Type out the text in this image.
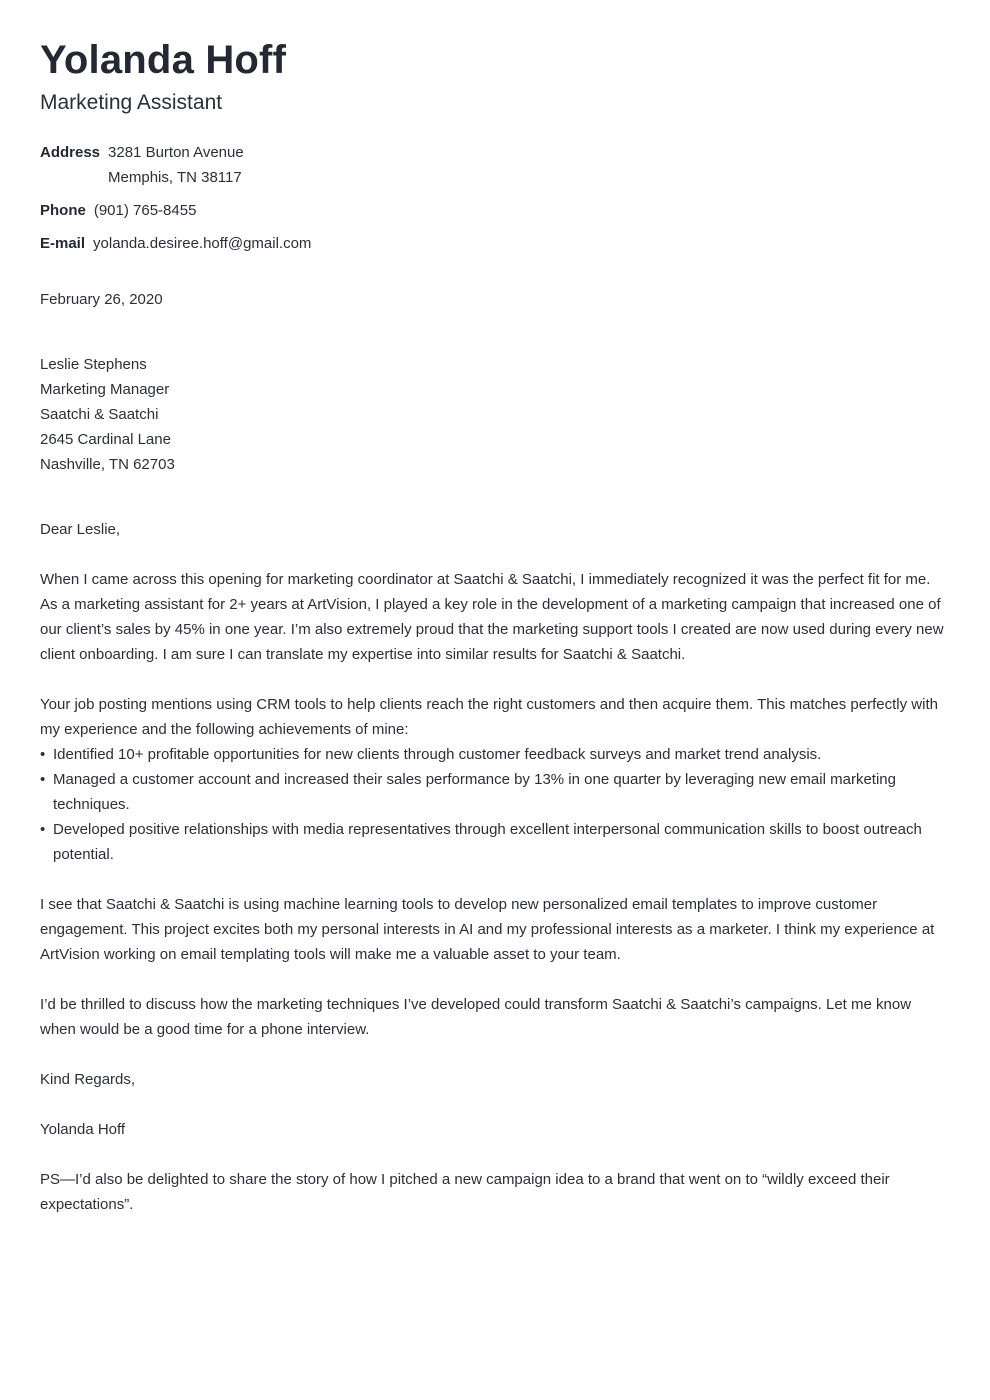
Yolanda Hoff
Marketing Assistant
Address 3281 Burton Avenue
Memphis, TN 38117
Phone (901) 765-8455
E-mail yolanda.desiree.hoff@gmail.com
February 26, 2020
Leslie Stephens
Marketing Manager
Saatchi & Saatchi
2645 Cardinal Lane
Nashville, TN 62703
Dear Leslie,

When I came across this opening for marketing coordinator at Saatchi & Saatchi, I immediately recognized it was the perfect fit for me. As a marketing assistant for 2+ years at ArtVision, I played a key role in the development of a marketing campaign that increased one of our client’s sales by 45% in one year. I’m also extremely proud that the marketing support tools I created are now used during every new client onboarding. I am sure I can translate my expertise into similar results for Saatchi & Saatchi.

Your job posting mentions using CRM tools to help clients reach the right customers and then acquire them. This matches perfectly with my experience and the following achievements of mine:

• Identified 10+ profitable opportunities for new clients through customer feedback surveys and market trend analysis.
• Managed a customer account and increased their sales performance by 13% in one quarter by leveraging new email marketing techniques.
• Developed positive relationships with media representatives through excellent interpersonal communication skills to boost outreach potential.

I see that Saatchi & Saatchi is using machine learning tools to develop new personalized email templates to improve customer engagement. This project excites both my personal interests in AI and my professional interests as a marketer. I think my experience at ArtVision working on email templating tools will make me a valuable asset to your team.

I’d be thrilled to discuss how the marketing techniques I’ve developed could transform Saatchi & Saatchi’s campaigns. Let me know when would be a good time for a phone interview.

Kind Regards,
Yolanda Hoff

PS—I’d also be delighted to share the story of how I pitched a new campaign idea to a brand that went on to “wildly exceed their expectations”.
